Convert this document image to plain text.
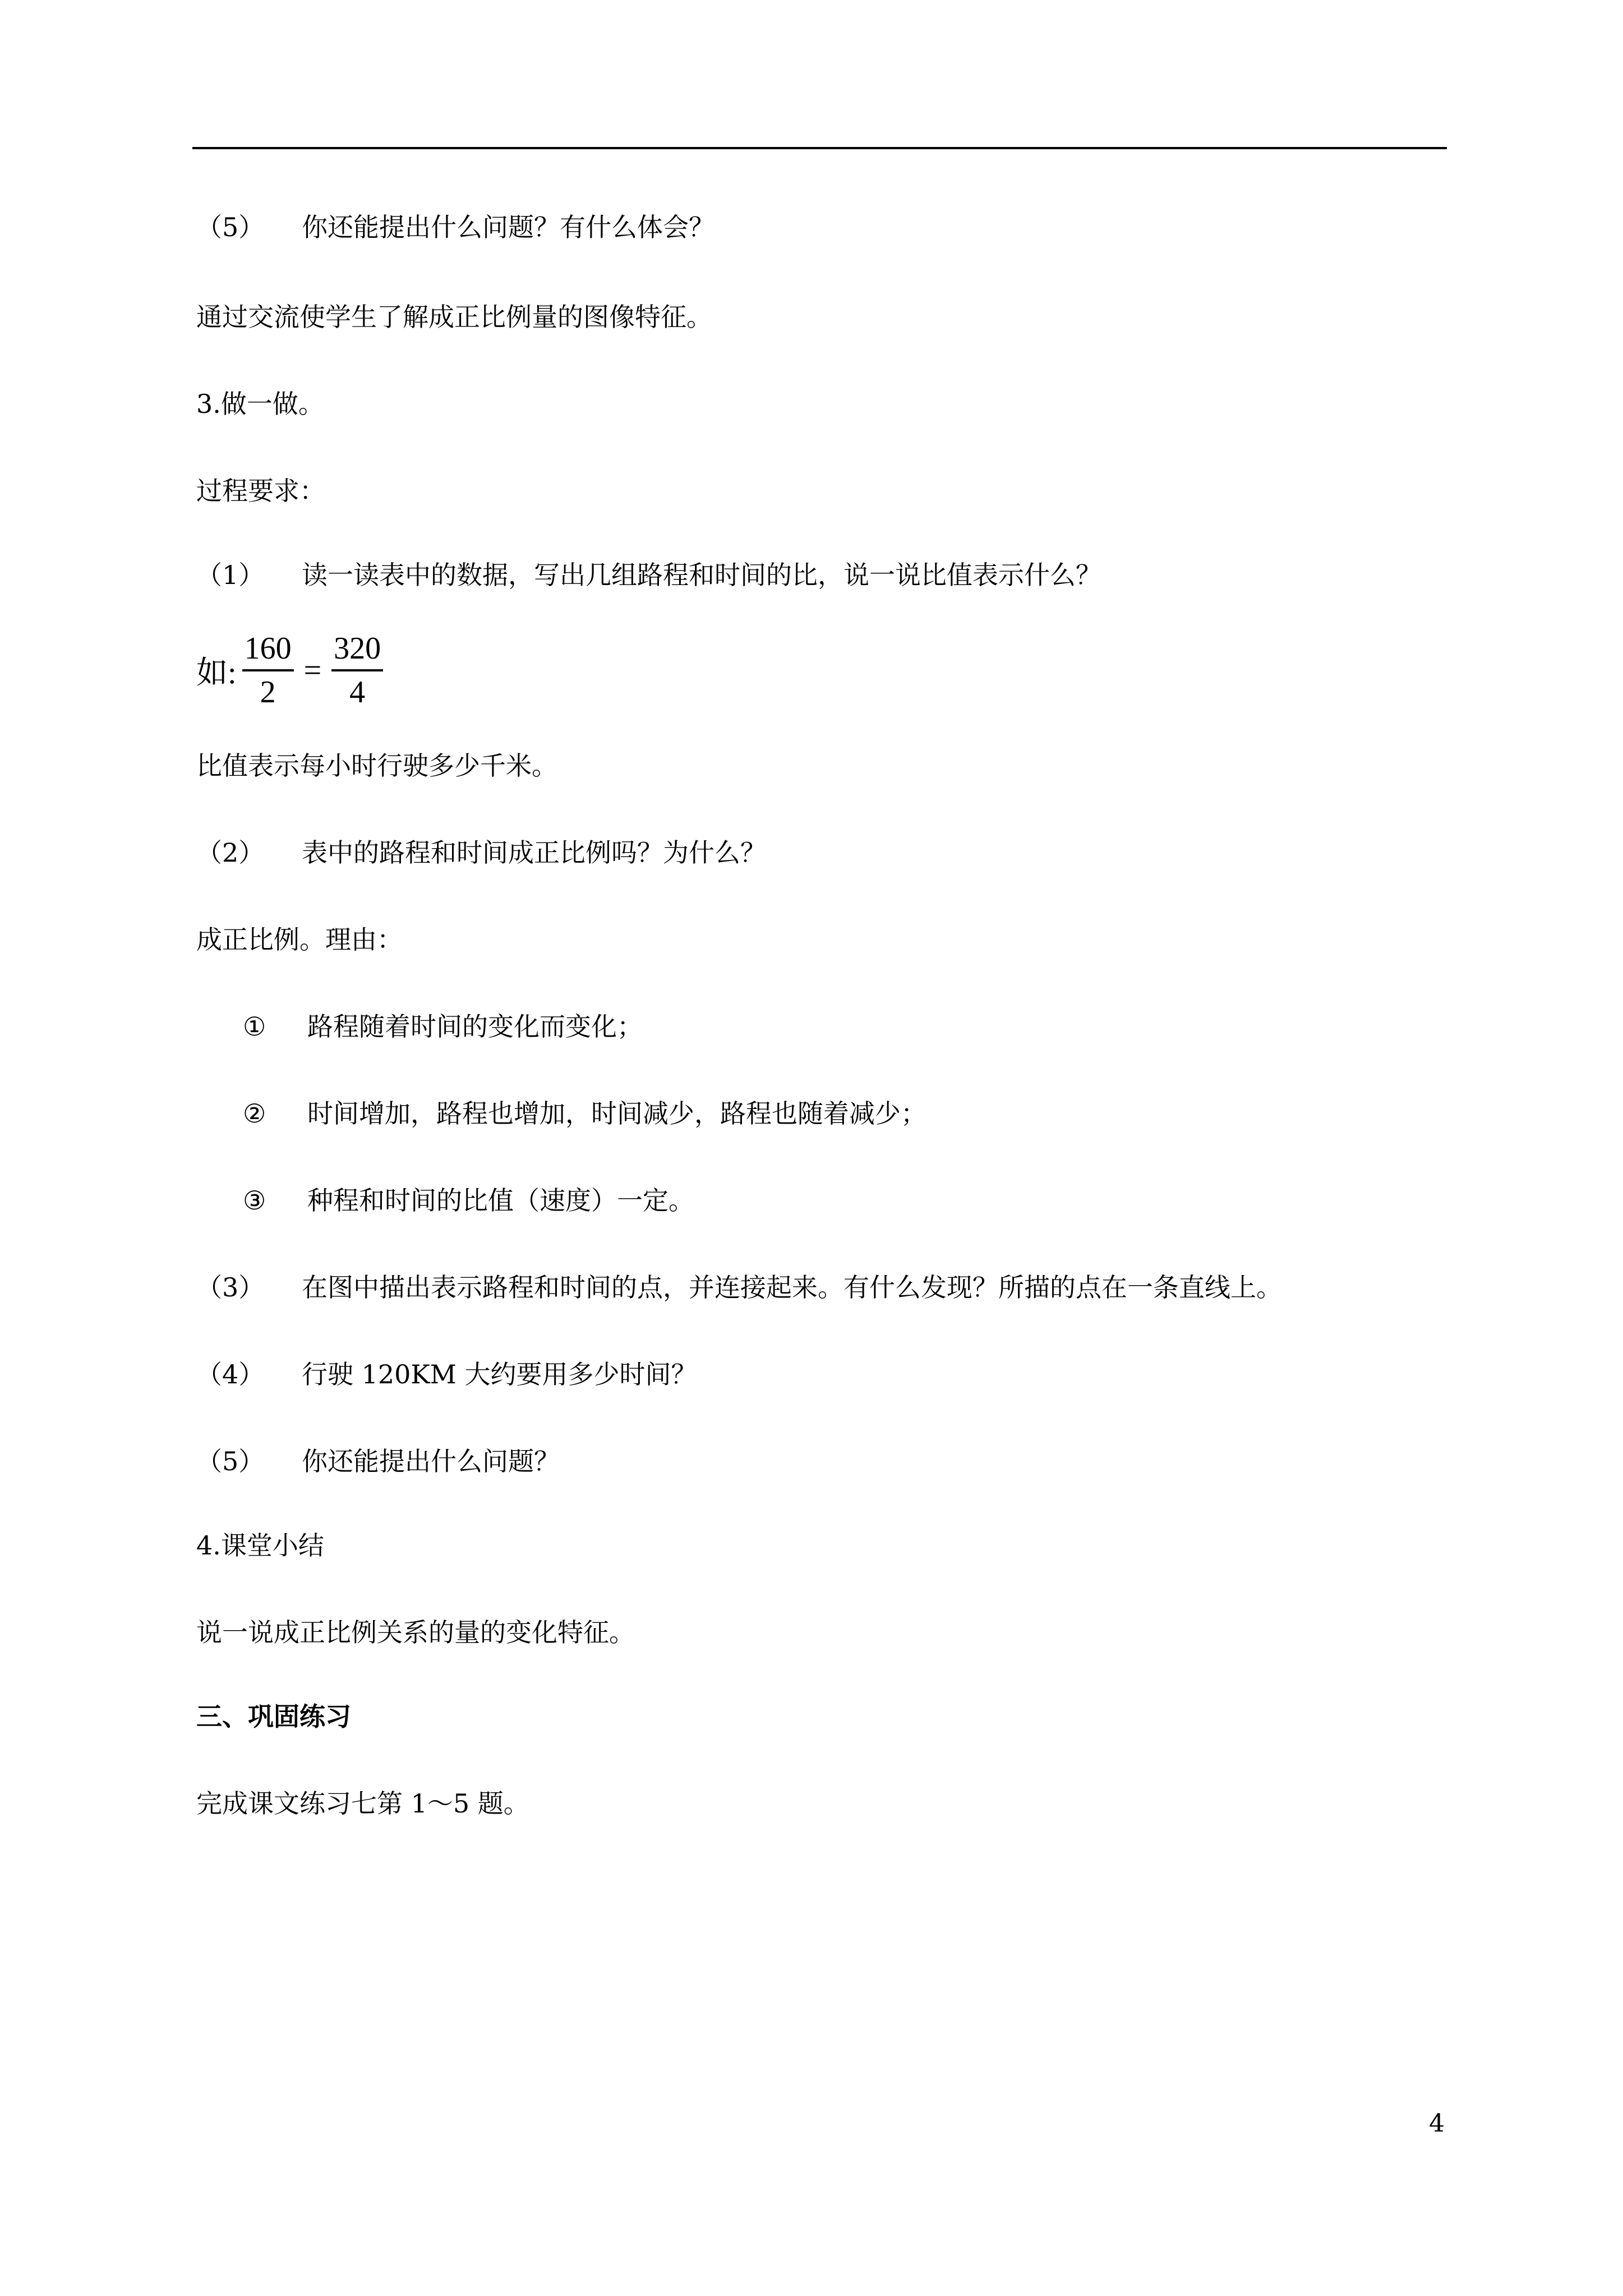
（5） 你还能提出什么问题？有什么体会？
通过交流使学生了解成正比例量的图像特征。
3.做一做。
过程要求：
（1） 读一读表中的数据，写出几组路程和时间的比，说一说比值表示什么？
如: $\frac{160}{2} = \frac{320}{4}$
比值表示每小时行驶多少千米。
（2） 表中的路程和时间成正比例吗？为什么？
成正比例。理由：
① 路程随着时间的变化而变化；
② 时间增加，路程也增加，时间减少，路程也随着减少；
③ 种程和时间的比值（速度）一定。
（3） 在图中描出表示路程和时间的点，并连接起来。有什么发现？所描的点在一条直线上。
（4） 行驶 120KM 大约要用多少时间？
（5） 你还能提出什么问题？
4.课堂小结
说一说成正比例关系的量的变化特征。
三、巩固练习
完成课文练习七第 1～5 题。
4
